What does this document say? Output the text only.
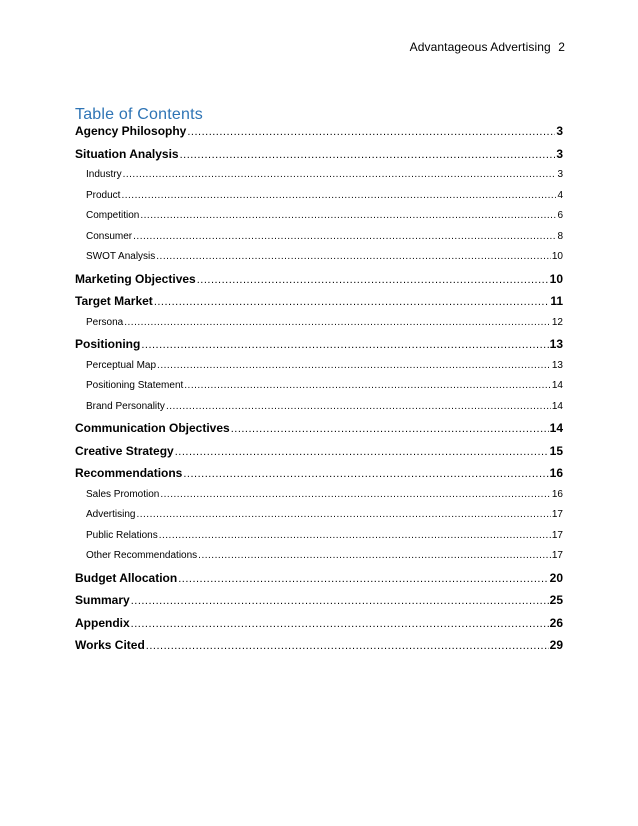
Advantageous Advertising 2
Table of Contents
Agency Philosophy .....	3
Situation Analysis .....	3
Industry .....	3
Product .....	4
Competition .....	6
Consumer .....	8
SWOT Analysis .....	10
Marketing Objectives .....	10
Target Market .....	11
Persona .....	12
Positioning .....	13
Perceptual Map .....	13
Positioning Statement .....	14
Brand Personality .....	14
Communication Objectives .....	14
Creative Strategy .....	15
Recommendations .....	16
Sales Promotion .....	16
Advertising .....	17
Public Relations .....	17
Other Recommendations .....	17
Budget Allocation .....	20
Summary .....	25
Appendix .....	26
Works Cited .....	29
